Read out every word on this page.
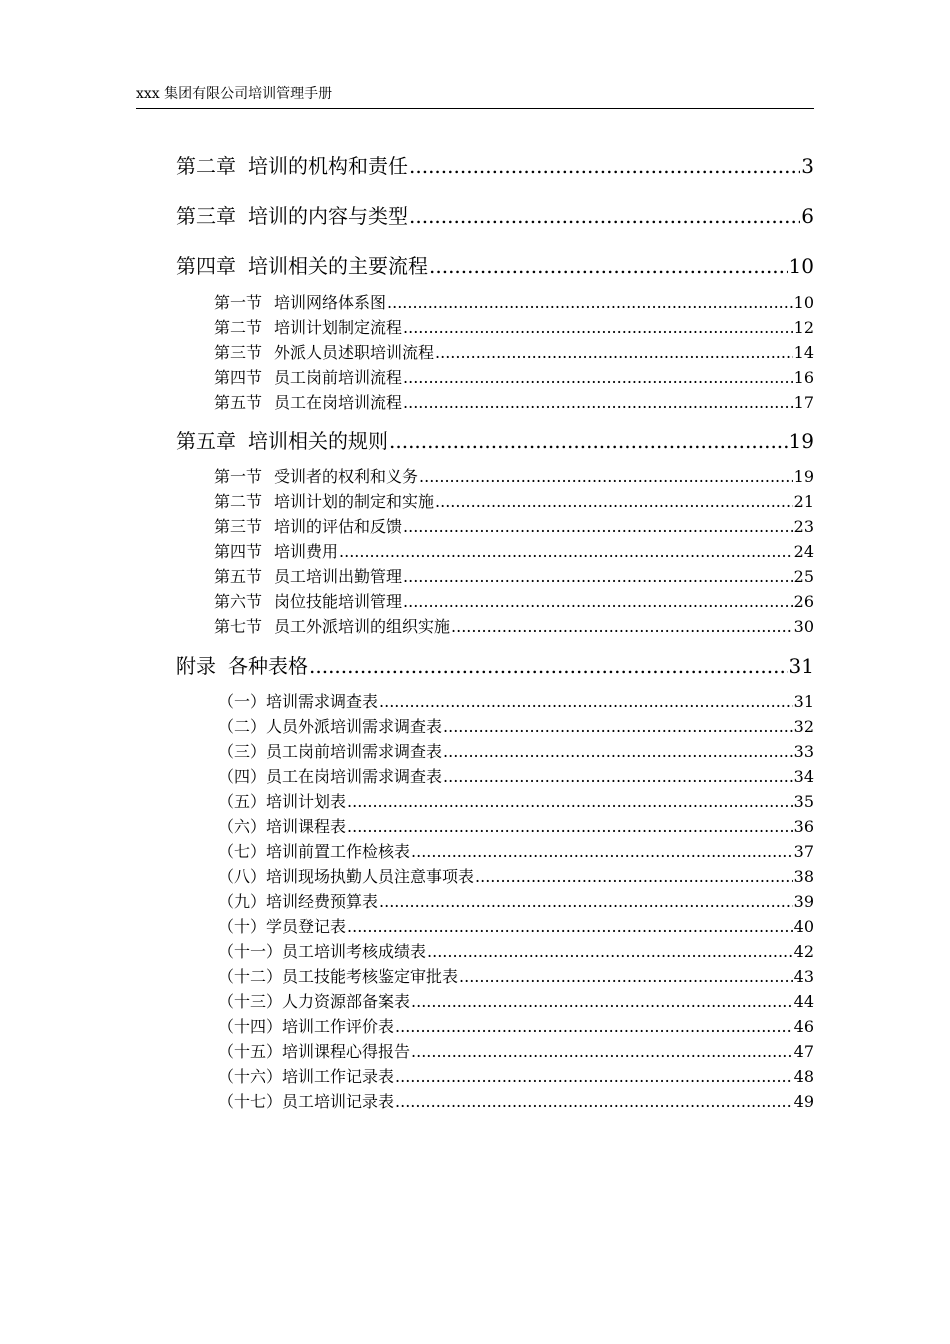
xxx 集团有限公司培训管理手册
第二章 培训的机构和责任 .....	3
第三章 培训的内容与类型 .....	6
第四章 培训相关的主要流程 .....	10
第一节 培训网络体系图 .....	10
第二节 培训计划制定流程 .....	12
第三节 外派人员述职培训流程 .....	14
第四节 员工岗前培训流程 .....	16
第五节 员工在岗培训流程 .....	17
第五章 培训相关的规则 .....	19
第一节 受训者的权利和义务 .....	19
第二节 培训计划的制定和实施 .....	21
第三节 培训的评估和反馈 .....	23
第四节 培训费用 .....	24
第五节 员工培训出勤管理 .....	25
第六节 岗位技能培训管理 .....	26
第七节 员工外派培训的组织实施 .....	30
附录 各种表格 .....	31
（一）培训需求调查表 .....	31
（二）人员外派培训需求调查表 .....	32
（三）员工岗前培训需求调查表 .....	33
（四）员工在岗培训需求调查表 .....	34
（五）培训计划表 .....	35
（六）培训课程表 .....	36
（七）培训前置工作检核表 .....	37
（八）培训现场执勤人员注意事项表 .....	38
（九）培训经费预算表 .....	39
（十）学员登记表 .....	40
（十一）员工培训考核成绩表 .....	42
（十二）员工技能考核鉴定审批表 .....	43
（十三）人力资源部备案表 .....	44
（十四）培训工作评价表 .....	46
（十五）培训课程心得报告 .....	47
（十六）培训工作记录表 .....	48
（十七）员工培训记录表 .....	49
